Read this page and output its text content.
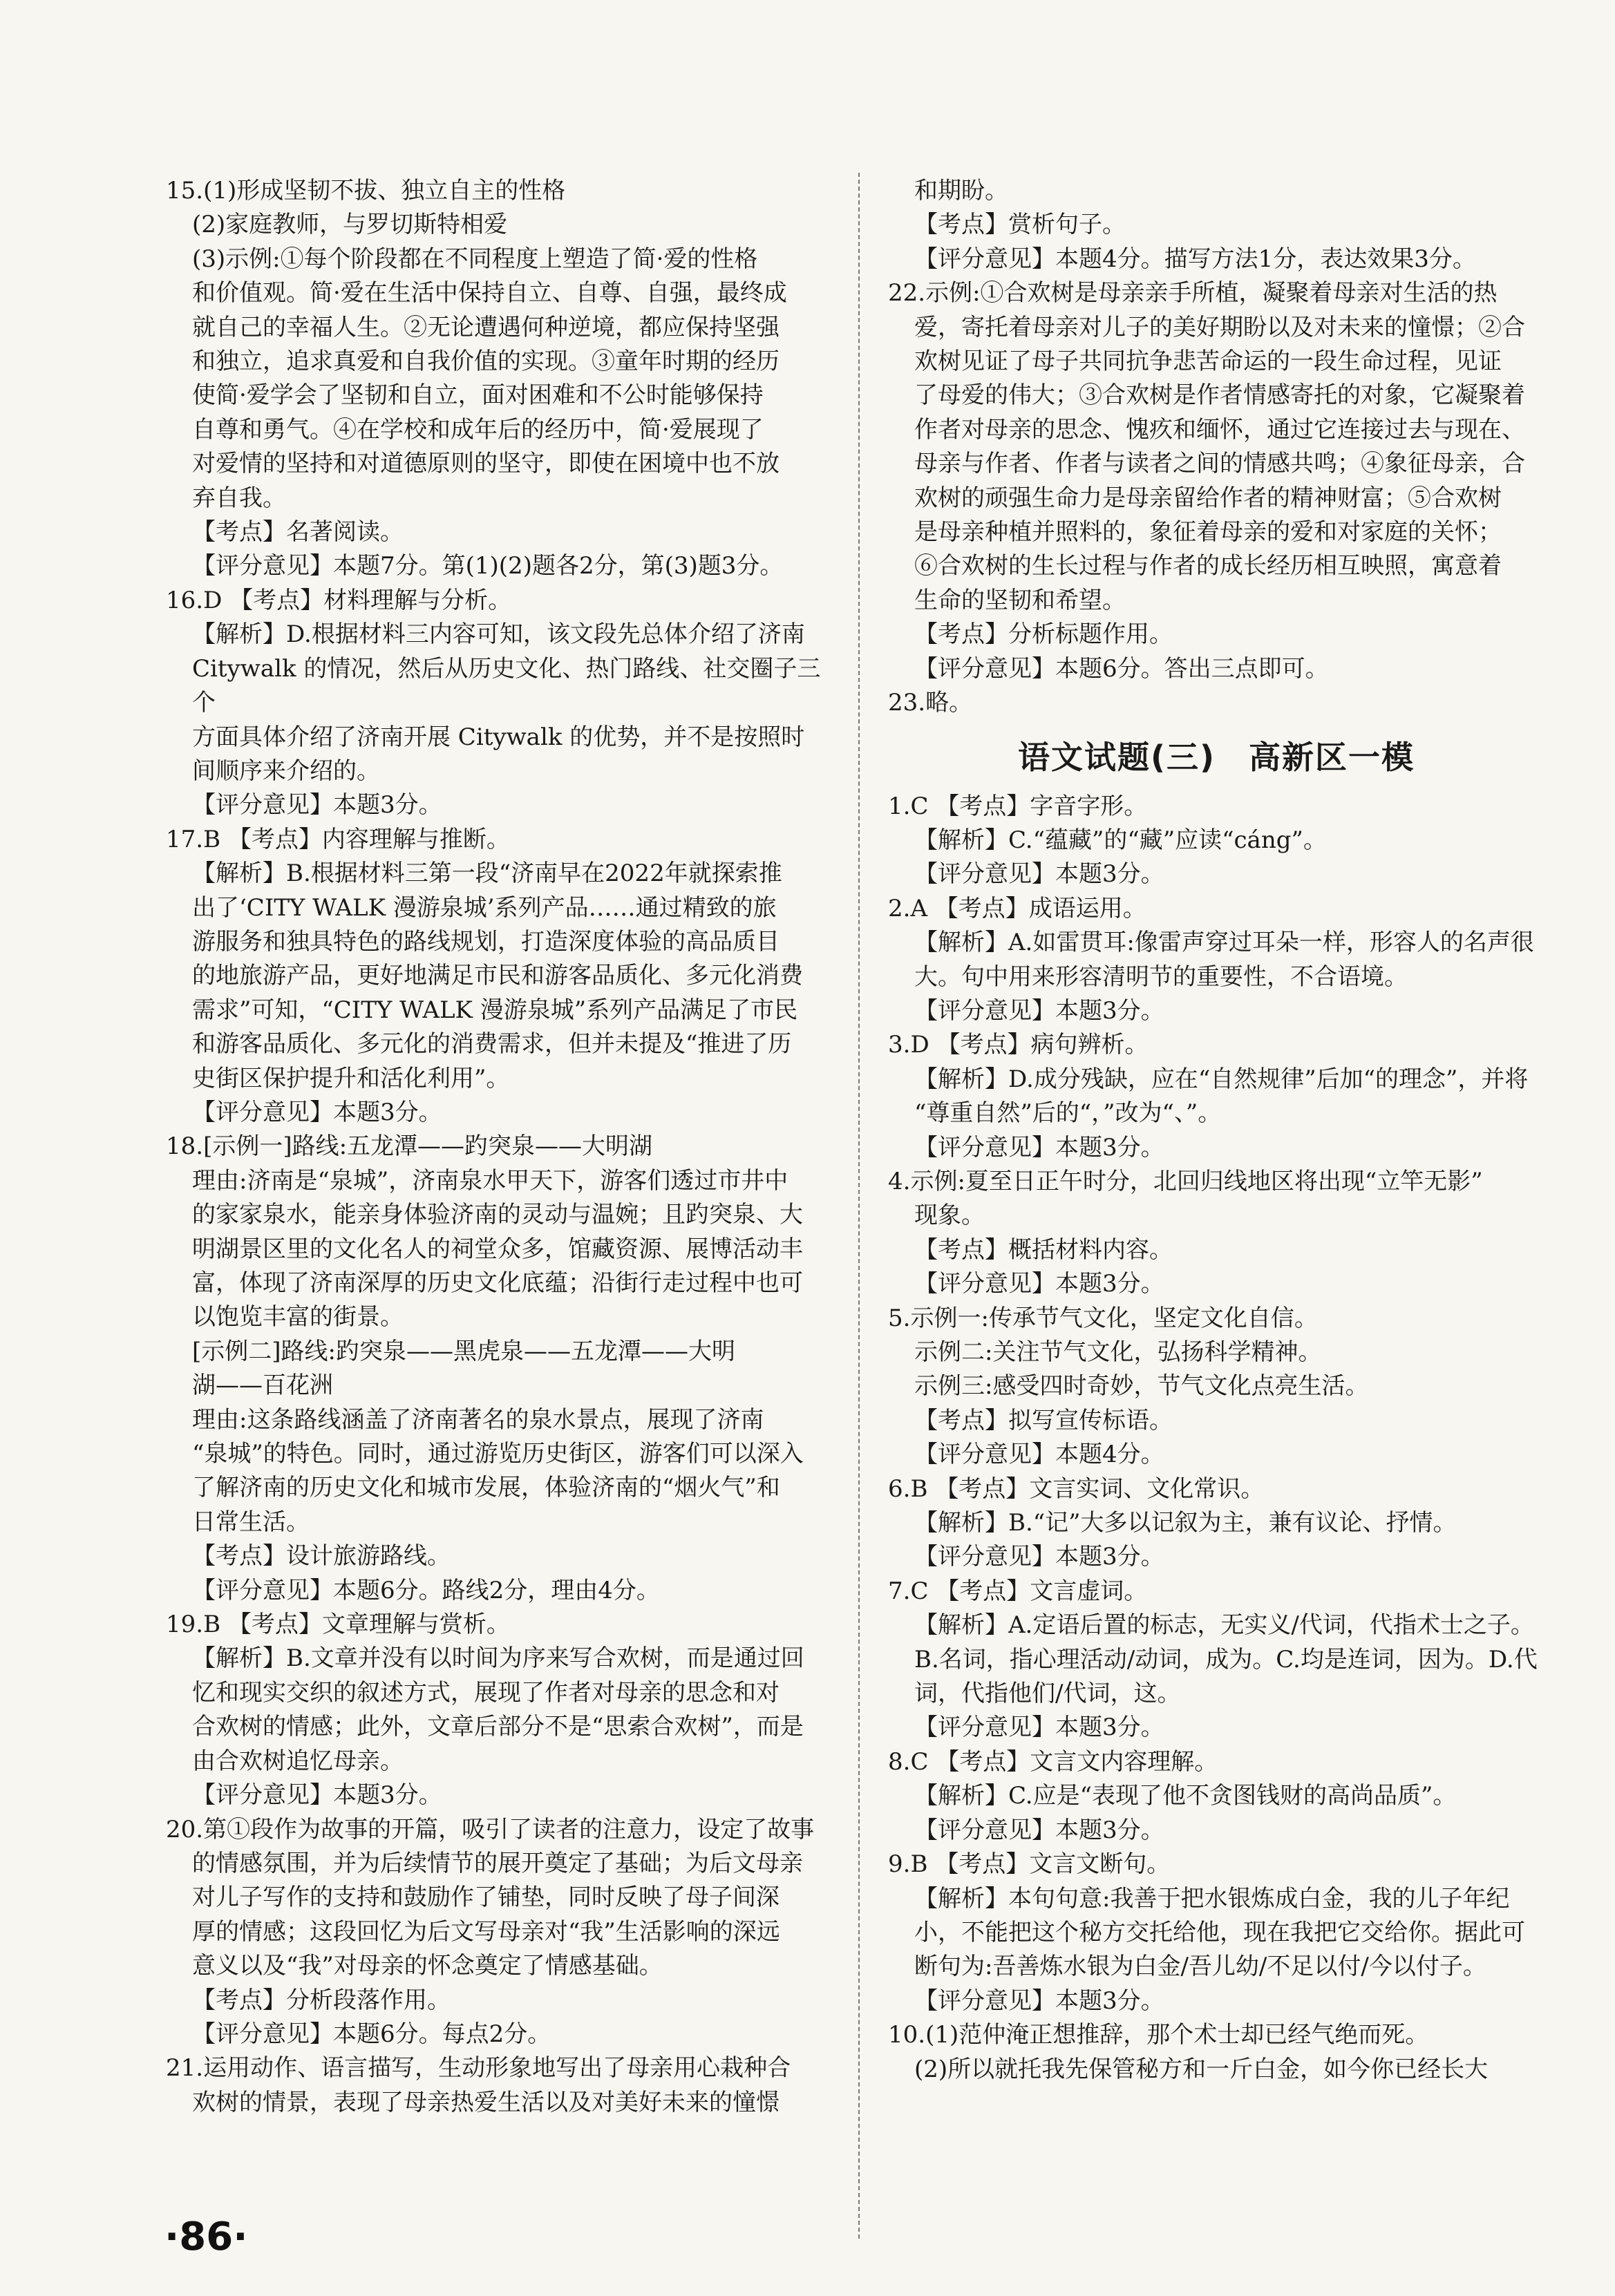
15.(1)形成坚韧不拔、独立自主的性格
(2)家庭教师，与罗切斯特相爱
(3)示例:①每个阶段都在不同程度上塑造了简·爱的性格
和价值观。简·爱在生活中保持自立、自尊、自强，最终成
就自己的幸福人生。②无论遭遇何种逆境，都应保持坚强
和独立，追求真爱和自我价值的实现。③童年时期的经历
使简·爱学会了坚韧和自立，面对困难和不公时能够保持
自尊和勇气。④在学校和成年后的经历中，简·爱展现了
对爱情的坚持和对道德原则的坚守，即使在困境中也不放
弃自我。
【考点】名著阅读。
【评分意见】本题7分。第(1)(2)题各2分，第(3)题3分。
16.D 【考点】材料理解与分析。
【解析】D.根据材料三内容可知，该文段先总体介绍了济南
Citywalk 的情况，然后从历史文化、热门路线、社交圈子三个
方面具体介绍了济南开展 Citywalk 的优势，并不是按照时
间顺序来介绍的。
【评分意见】本题3分。
17.B 【考点】内容理解与推断。
【解析】B.根据材料三第一段“济南早在2022年就探索推
出了‘CITY WALK 漫游泉城’系列产品……通过精致的旅
游服务和独具特色的路线规划，打造深度体验的高品质目
的地旅游产品，更好地满足市民和游客品质化、多元化消费
需求”可知，“CITY WALK 漫游泉城”系列产品满足了市民
和游客品质化、多元化的消费需求，但并未提及“推进了历
史街区保护提升和活化利用”。
【评分意见】本题3分。
18.[示例一]路线:五龙潭——趵突泉——大明湖
理由:济南是“泉城”，济南泉水甲天下，游客们透过市井中
的家家泉水，能亲身体验济南的灵动与温婉；且趵突泉、大
明湖景区里的文化名人的祠堂众多，馆藏资源、展博活动丰
富，体现了济南深厚的历史文化底蕴；沿街行走过程中也可
以饱览丰富的街景。
[示例二]路线:趵突泉——黑虎泉——五龙潭——大明
湖——百花洲
理由:这条路线涵盖了济南著名的泉水景点，展现了济南
“泉城”的特色。同时，通过游览历史街区，游客们可以深入
了解济南的历史文化和城市发展，体验济南的“烟火气”和
日常生活。
【考点】设计旅游路线。
【评分意见】本题6分。路线2分，理由4分。
19.B 【考点】文章理解与赏析。
【解析】B.文章并没有以时间为序来写合欢树，而是通过回
忆和现实交织的叙述方式，展现了作者对母亲的思念和对
合欢树的情感；此外，文章后部分不是“思索合欢树”，而是
由合欢树追忆母亲。
【评分意见】本题3分。
20.第①段作为故事的开篇，吸引了读者的注意力，设定了故事
的情感氛围，并为后续情节的展开奠定了基础；为后文母亲
对儿子写作的支持和鼓励作了铺垫，同时反映了母子间深
厚的情感；这段回忆为后文写母亲对“我”生活影响的深远
意义以及“我”对母亲的怀念奠定了情感基础。
【考点】分析段落作用。
【评分意见】本题6分。每点2分。
21.运用动作、语言描写，生动形象地写出了母亲用心栽种合
欢树的情景，表现了母亲热爱生活以及对美好未来的憧憬
和期盼。
【考点】赏析句子。
【评分意见】本题4分。描写方法1分，表达效果3分。
22.示例:①合欢树是母亲亲手所植，凝聚着母亲对生活的热
爱，寄托着母亲对儿子的美好期盼以及对未来的憧憬；②合
欢树见证了母子共同抗争悲苦命运的一段生命过程，见证
了母爱的伟大；③合欢树是作者情感寄托的对象，它凝聚着
作者对母亲的思念、愧疚和缅怀，通过它连接过去与现在、
母亲与作者、作者与读者之间的情感共鸣；④象征母亲，合
欢树的顽强生命力是母亲留给作者的精神财富；⑤合欢树
是母亲种植并照料的，象征着母亲的爱和对家庭的关怀；
⑥合欢树的生长过程与作者的成长经历相互映照，寓意着
生命的坚韧和希望。
【考点】分析标题作用。
【评分意见】本题6分。答出三点即可。
23.略。
语文试题(三)　高新区一模
1.C 【考点】字音字形。
【解析】C.“蕴藏”的“藏”应读“cáng”。
【评分意见】本题3分。
2.A 【考点】成语运用。
【解析】A.如雷贯耳:像雷声穿过耳朵一样，形容人的名声很
大。句中用来形容清明节的重要性，不合语境。
【评分意见】本题3分。
3.D 【考点】病句辨析。
【解析】D.成分残缺，应在“自然规律”后加“的理念”，并将
“尊重自然”后的“，”改为“、”。
【评分意见】本题3分。
4.示例:夏至日正午时分，北回归线地区将出现“立竿无影”
现象。
【考点】概括材料内容。
【评分意见】本题3分。
5.示例一:传承节气文化，坚定文化自信。
示例二:关注节气文化，弘扬科学精神。
示例三:感受四时奇妙，节气文化点亮生活。
【考点】拟写宣传标语。
【评分意见】本题4分。
6.B 【考点】文言实词、文化常识。
【解析】B.“记”大多以记叙为主，兼有议论、抒情。
【评分意见】本题3分。
7.C 【考点】文言虚词。
【解析】A.定语后置的标志，无实义/代词，代指术士之子。
B.名词，指心理活动/动词，成为。C.均是连词，因为。D.代
词，代指他们/代词，这。
【评分意见】本题3分。
8.C 【考点】文言文内容理解。
【解析】C.应是“表现了他不贪图钱财的高尚品质”。
【评分意见】本题3分。
9.B 【考点】文言文断句。
【解析】本句句意:我善于把水银炼成白金，我的儿子年纪
小，不能把这个秘方交托给他，现在我把它交给你。据此可
断句为:吾善炼水银为白金/吾儿幼/不足以付/今以付子。
【评分意见】本题3分。
10.(1)范仲淹正想推辞，那个术士却已经气绝而死。
(2)所以就托我先保管秘方和一斤白金，如今你已经长大
·86·
